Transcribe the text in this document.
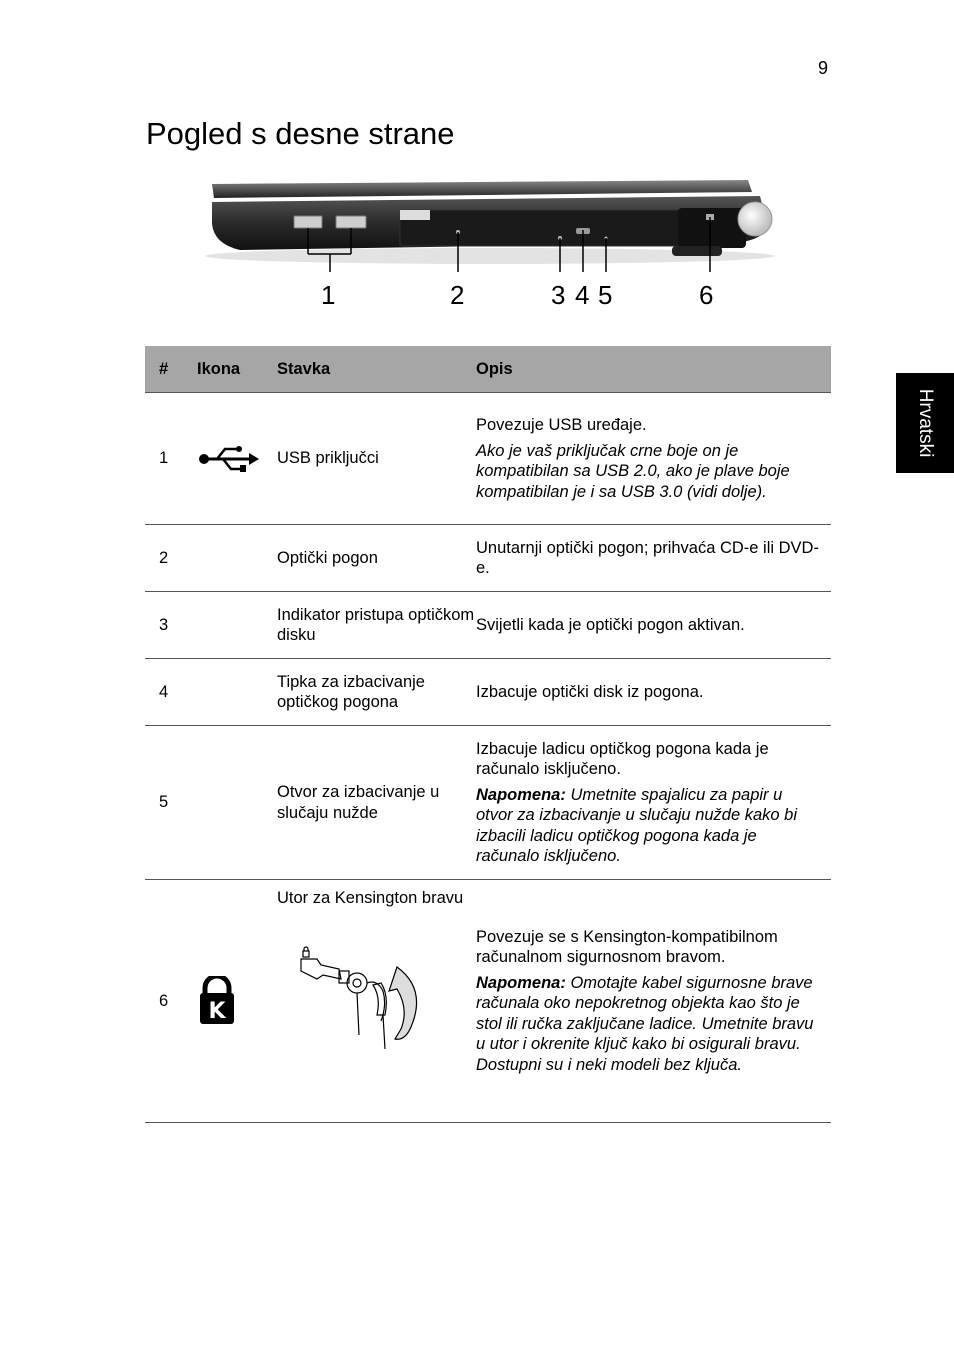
9
Pogled s desne strane
Hrvatski
1	2	3 4 5	6
#	Ikona	Stavka	Opis
1		USB priključci	Povezuje USB uređaje.

Ako je vaš priključak crne boje on je kompatibilan sa USB 2.0, ako je plave boje kompatibilan je i sa USB 3.0 (vidi dolje).

2		Optički pogon	Unutarnji optički pogon; prihvaća CD-e ili DVD-e.

3		Indikator pristupa optičkom disku	Svijetli kada je optički pogon aktivan.

4		Tipka za izbacivanje optičkog pogona	Izbacuje optički disk iz pogona.

5		Otvor za izbacivanje u slučaju nužde	Izbacuje ladicu optičkog pogona kada je računalo isključeno.

Napomena: Umetnite spajalicu za papir u otvor za izbacivanje u slučaju nužde kako bi izbacili ladicu optičkog pogona kada je računalo isključeno.

6	K	Utor za Kensington bravu	Povezuje se s Kensington-kompatibilnom računalnom sigurnosnom bravom.

Napomena: Omotajte kabel sigurnosne brave računala oko nepokretnog objekta kao što je stol ili ručka zaključane ladice. Umetnite bravu u utor i okrenite ključ kako bi osigurali bravu. Dostupni su i neki modeli bez ključa.
